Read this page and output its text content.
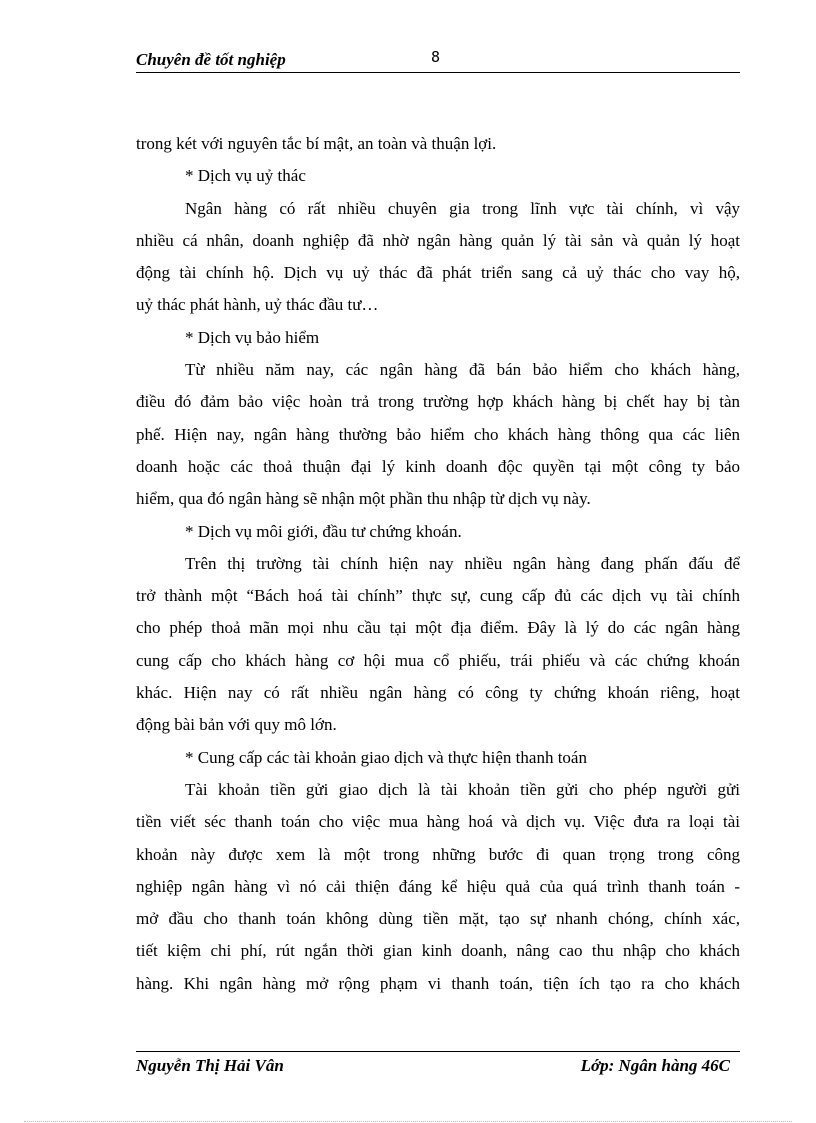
Chuyên đề tốt nghiệp	8
trong két với nguyên tắc bí mật, an toàn và thuận lợi.
* Dịch vụ uỷ thác
Ngân hàng có rất nhiều chuyên gia trong lĩnh vực tài chính, vì vậy
nhiều cá nhân, doanh nghiệp đã nhờ ngân hàng quản lý tài sản và quản lý hoạt
động tài chính hộ. Dịch vụ uỷ thác đã phát triển sang cả uỷ thác cho vay hộ,
uỷ thác phát hành, uỷ thác đầu tư…
* Dịch vụ bảo hiểm
Từ nhiều năm nay, các ngân hàng đã bán bảo hiểm cho khách hàng,
điều đó đảm bảo việc hoàn trả trong trường hợp khách hàng bị chết hay bị tàn
phế. Hiện nay, ngân hàng thường bảo hiểm cho khách hàng thông qua các liên
doanh hoặc các thoả thuận đại lý kinh doanh độc quyền tại một công ty bảo
hiểm, qua đó ngân hàng sẽ nhận một phần thu nhập từ dịch vụ này.
* Dịch vụ môi giới, đầu tư chứng khoán.
Trên thị trường tài chính hiện nay nhiều ngân hàng đang phấn đấu để
trở thành một “Bách hoá tài chính” thực sự, cung cấp đủ các dịch vụ tài chính
cho phép thoả mãn mọi nhu cầu tại một địa điểm. Đây là lý do các ngân hàng
cung cấp cho khách hàng cơ hội mua cổ phiếu, trái phiếu và các chứng khoán
khác. Hiện nay có rất nhiều ngân hàng có công ty chứng khoán riêng, hoạt
động bài bản với quy mô lớn.
* Cung cấp các tài khoản giao dịch và thực hiện thanh toán
Tài khoản tiền gửi giao dịch là tài khoản tiền gửi cho phép người gửi
tiền viết séc thanh toán cho việc mua hàng hoá và dịch vụ. Việc đưa ra loại tài
khoản này được xem là một trong những bước đi quan trọng trong công
nghiệp ngân hàng vì nó cải thiện đáng kể hiệu quả của quá trình thanh toán -
mở đầu cho thanh toán không dùng tiền mặt, tạo sự nhanh chóng, chính xác,
tiết kiệm chi phí, rút ngắn thời gian kinh doanh, nâng cao thu nhập cho khách
hàng. Khi ngân hàng mở rộng phạm vi thanh toán, tiện ích tạo ra cho khách
Nguyễn Thị Hải Vân	Lớp: Ngân hàng 46C
